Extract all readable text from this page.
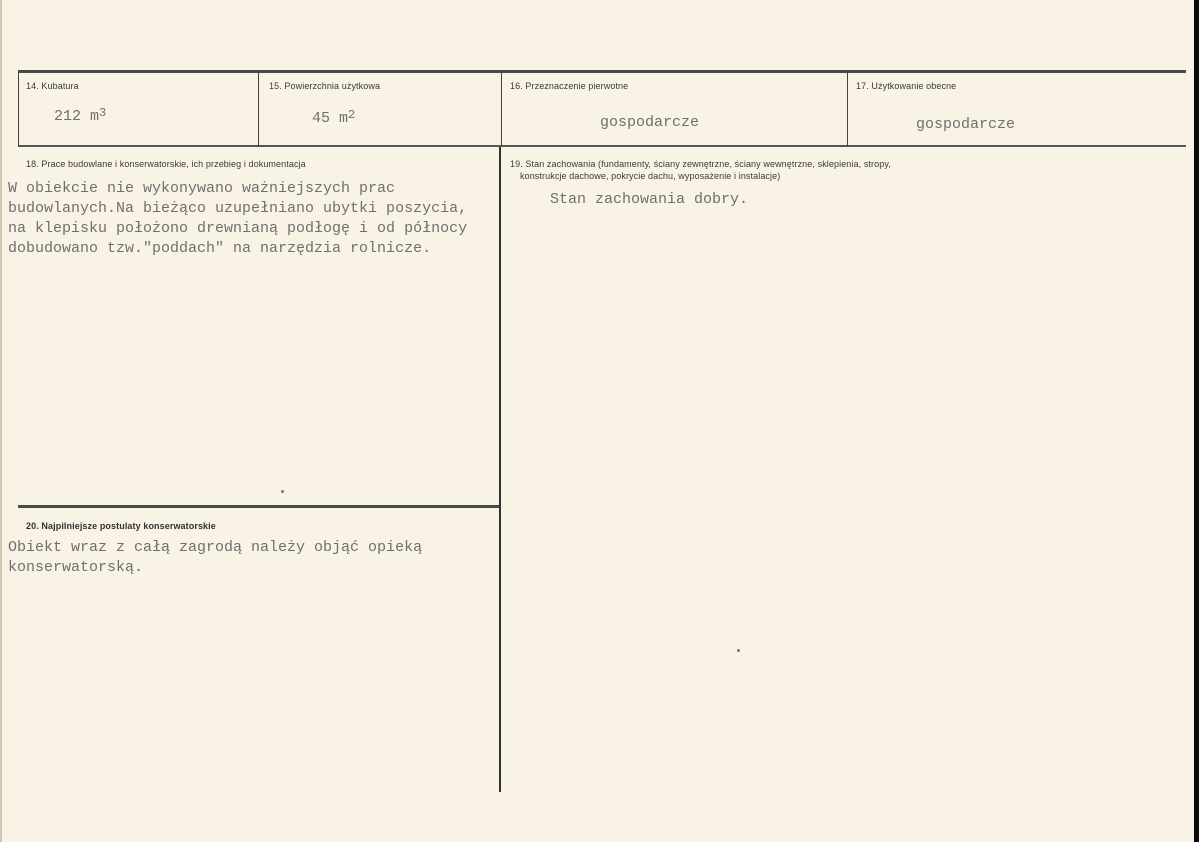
14. Kubatura
212 $m^3$
15. Powierzchnia użytkowa
45 $m^2$
16. Przeznaczenie pierwotne
gospodarcze
17. Użytkowanie obecne
gospodarcze
18. Prace budowlane i konserwatorskie, ich przebieg i dokumentacja
W obiekcie nie wykonywano ważniejszych prac
budowlanych.Na bieżąco uzupełniano ubytki poszycia,
na klepisku położono drewnianą podłogę i od północy
dobudowano tzw."poddach" na narzędzia rolnicze.
19. Stan zachowania (fundamenty, ściany zewnętrzne, ściany wewnętrzne, sklepienia, stropy,
konstrukcje dachowe, pokrycie dachu, wyposażenie i instalacje)
Stan zachowania dobry.
20. Najpilniejsze postulaty konserwatorskie
Obiekt wraz z całą zagrodą należy objąć opieką
konserwatorską.
